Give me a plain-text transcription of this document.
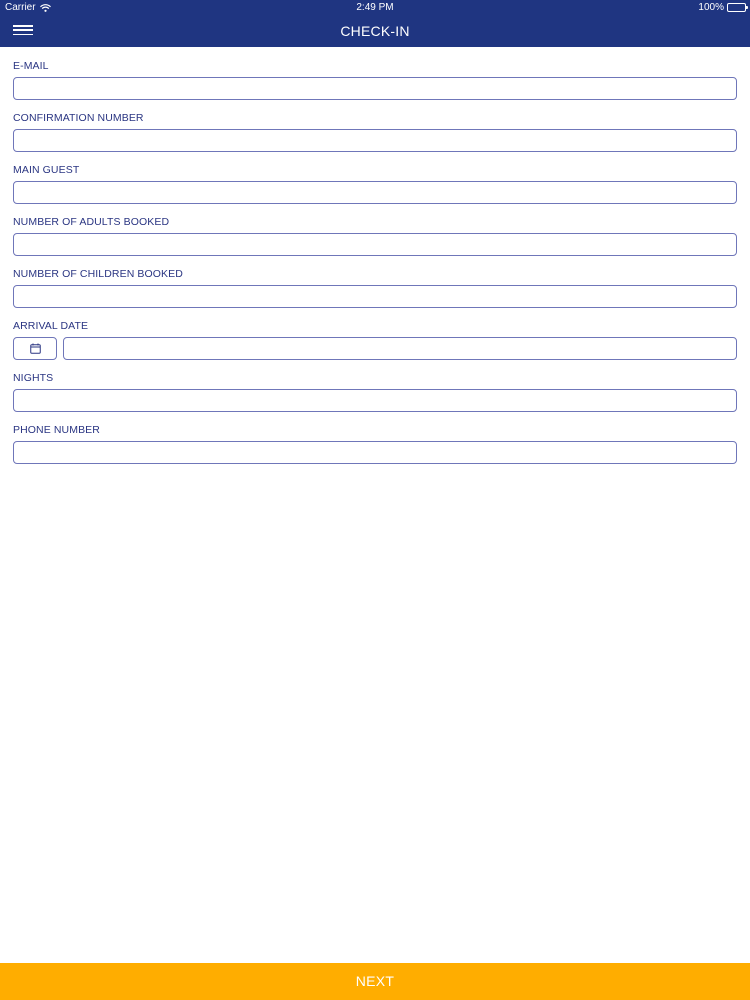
Carrier	2:49 PM	100%
CHECK-IN
E-MAIL
CONFIRMATION NUMBER
MAIN GUEST
NUMBER OF ADULTS BOOKED
NUMBER OF CHILDREN BOOKED
ARRIVAL DATE
NIGHTS
PHONE NUMBER
NEXT
